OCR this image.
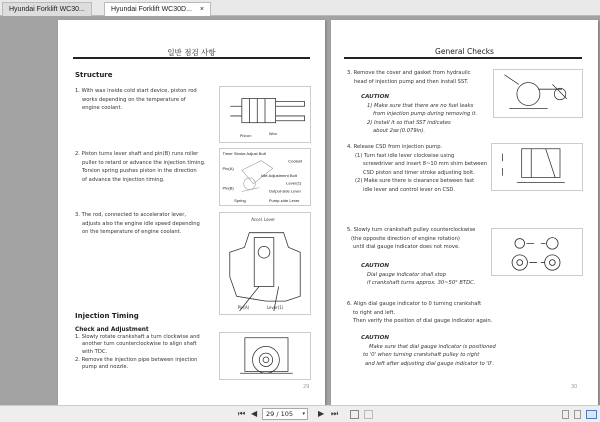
Hyundai Forklift WC30...	Hyundai Forklift WC30D... ×
일반 점검 사항
Structure
1. With wax inside cold start device, piston rod
works depending on the temperature of
engine coolant.
2. Piston turns lever shaft and pin(B) runs roller
puller to retard or advance the injection timing.
Torsion spring pushes piston in the direction
of advance the injection timing.
3. The rod, connected to accelerator lever,
adjusts also the engine idle speed depending
on the temperature of engine coolant.
Piston	Wax
Timer Stroke Adjust Bolt
Coolant
Pin(A)
Idle Adjustment Bolt
Lever(1)
Pin(B)
Output-side Lever
Spring	Pump-side Lever
Accel. Lever
Pin(A)	Lever(1)
Injection Timing
Check and Adjustment
1. Slowly rotate crankshaft a turn clockwise and
another turn counterclockwise to align shaft
with TDC.
2. Remove the injection pipe between injection
pump and nozzle.
29
General Checks
3. Remove the cover and gasket from hydraulic
head of injection pump and then install SST.
CAUTION
1) Make sure that there are no fuel leaks
from injection pump during removing it.
2) Install it so that SST indicates
about 2㎜ (0.079in).
4. Release CSD from injection pump.
(1) Turn fast idle lever clockwise using
screwdriver and insert 8~10 mm shim between
CSD piston and timer stroke adjusting bolt.
(2) Make sure there is clearance between fast
idle lever and control lever on CSD.
5. Slowly turn crankshaft pulley counterclockwise
(the opposite direction of engine rotation)
until dial gauge indicator does not move.
CAUTION
Dial gauge indicator shall stop
if crankshaft turns approx. 30~50° BTDC.
6. Align dial gauge indicator to 0 turning crankshaft
to right and left.
Then verify the position of dial gauge indicator again.
CAUTION
Make sure that dial gauge indicator is positioned
to '0' when turning crankshaft pulley to right
and left after adjusting dial gauge indicator to '0'.
30
⏮ ◀	29 / 105 ▾ ▶ ⏭
